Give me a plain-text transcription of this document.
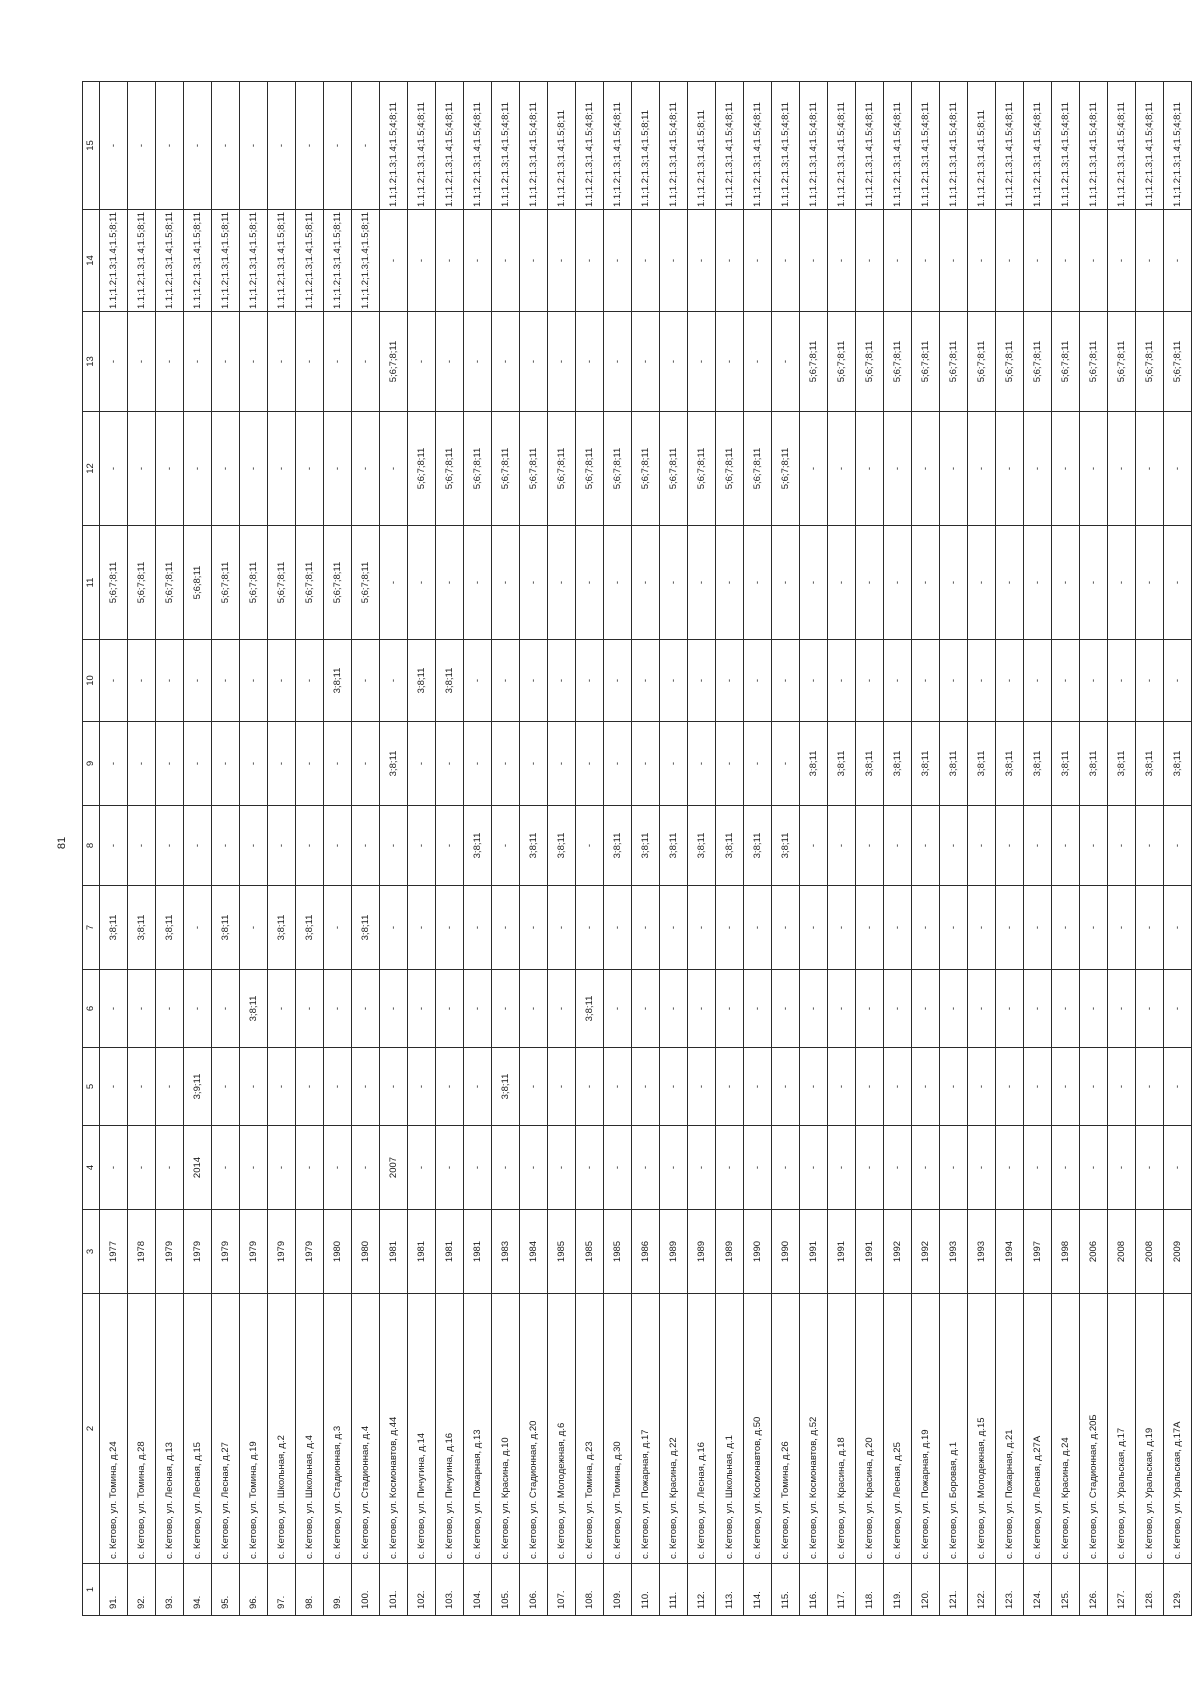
81
1	2	3	4	5	6	7	8	9	10	11	12	13	14	15
91.	с. Кетово, ул. Томина, д.24	1977	-	-	-	3;8;11	-	-	-	5;6;7;8;11	-	-	1.1;1.2;1.3;1.4;1.5;8;11	-
92.	с. Кетово, ул. Томина, д.28	1978	-	-	-	3;8;11	-	-	-	5;6;7;8;11	-	-	1.1;1.2;1.3;1.4;1.5;8;11	-
93.	с. Кетово, ул. Лесная, д.13	1979	-	-	-	3;8;11	-	-	-	5;6;7;8;11	-	-	1.1;1.2;1.3;1.4;1.5;8;11	-
94.	с. Кетово, ул. Лесная, д.15	1979	2014	3;9;11	-	-	-	-	-	5;6;8;11	-	-	1.1;1.2;1.3;1.4;1.5;8;11	-
95.	с. Кетово, ул. Лесная, д.27	1979	-	-	-	3;8;11	-	-	-	5;6;7;8;11	-	-	1.1;1.2;1.3;1.4;1.5;8;11	-
96.	с. Кетово, ул. Томина, д.19	1979	-	-	3;8;11	-	-	-	-	5;6;7;8;11	-	-	1.1;1.2;1.3;1.4;1.5;8;11	-
97.	с. Кетово, ул. Школьная, д.2	1979	-	-	-	3;8;11	-	-	-	5;6;7;8;11	-	-	1.1;1.2;1.3;1.4;1.5;8;11	-
98.	с. Кетово, ул. Школьная, д.4	1979	-	-	-	3;8;11	-	-	-	5;6;7;8;11	-	-	1.1;1.2;1.3;1.4;1.5;8;11	-
99.	с. Кетово, ул. Стадионная, д.3	1980	-	-	-	-	-	-	3;8;11	5;6;7;8;11	-	-	1.1;1.2;1.3;1.4;1.5;8;11	-
100.	с. Кетово, ул. Стадионная, д.4	1980	-	-	-	3;8;11	-	-	-	5;6;7;8;11	-	-	1.1;1.2;1.3;1.4;1.5;8;11	-
101.	с. Кетово, ул. Космонавтов, д.44	1981	2007	-	-	-	-	3;8;11	-	-	-	5;6;7;8;11	-	1.1;1.2;1.3;1.4;1.5;4;8;11
102.	с. Кетово, ул. Пичугина, д.14	1981	-	-	-	-	-	-	3;8;11	-	5;6;7;8;11	-	-	1.1;1.2;1.3;1.4;1.5;4;8;11
103.	с. Кетово, ул. Пичугина, д.16	1981	-	-	-	-	-	-	3;8;11	-	5;6;7;8;11	-	-	1.1;1.2;1.3;1.4;1.5;4;8;11
104.	с. Кетово, ул. Пожарная, д.13	1981	-	-	-	-	3;8;11	-	-	-	5;6;7;8;11	-	-	1.1;1.2;1.3;1.4;1.5;4;8;11
105.	с. Кетово, ул. Красина, д.10	1983	-	3;8;11	-	-	-	-	-	-	5;6;7;8;11	-	-	1.1;1.2;1.3;1.4;1.5;4;8;11
106.	с. Кетово, ул. Стадионная, д.20	1984	-	-	-	-	3;8;11	-	-	-	5;6;7;8;11	-	-	1.1;1.2;1.3;1.4;1.5;4;8;11
107.	с. Кетово, ул. Молодежная, д.6	1985	-	-	-	-	3;8;11	-	-	-	5;6;7;8;11	-	-	1.1;1.2;1.3;1.4;1.5;8;11
108.	с. Кетово, ул. Томина, д.23	1985	-	-	3;8;11	-	-	-	-	-	5;6;7;8;11	-	-	1.1;1.2;1.3;1.4;1.5;4;8;11
109.	с. Кетово, ул. Томина, д.30	1985	-	-	-	-	3;8;11	-	-	-	5;6;7;8;11	-	-	1.1;1.2;1.3;1.4;1.5;4;8;11
110.	с. Кетово, ул. Пожарная, д.17	1986	-	-	-	-	3;8;11	-	-	-	5;6;7;8;11	-	-	1.1;1.2;1.3;1.4;1.5;8;11
111.	с. Кетово, ул. Красина, д.22	1989	-	-	-	-	3;8;11	-	-	-	5;6;7;8;11	-	-	1.1;1.2;1.3;1.4;1.5;4;8;11
112.	с. Кетово, ул. Лесная, д.16	1989	-	-	-	-	3;8;11	-	-	-	5;6;7;8;11	-	-	1.1;1.2;1.3;1.4;1.5;8;11
113.	с. Кетово, ул. Школьная, д.1	1989	-	-	-	-	3;8;11	-	-	-	5;6;7;8;11	-	-	1.1;1.2;1.3;1.4;1.5;4;8;11
114.	с. Кетово, ул. Космонавтов, д.50	1990	-	-	-	-	3;8;11	-	-	-	5;6;7;8;11	-	-	1.1;1.2;1.3;1.4;1.5;4;8;11
115.	с. Кетово, ул. Томина, д.26	1990	-	-	-	-	3;8;11	-	-	-	5;6;7;8;11	-	-	1.1;1.2;1.3;1.4;1.5;4;8;11
116.	с. Кетово, ул. Космонавтов, д.52	1991	-	-	-	-	-	3;8;11	-	-	-	5;6;7;8;11	-	1.1;1.2;1.3;1.4;1.5;4;8;11
117.	с. Кетово, ул. Красина, д.18	1991	-	-	-	-	-	3;8;11	-	-	-	5;6;7;8;11	-	1.1;1.2;1.3;1.4;1.5;4;8;11
118.	с. Кетово, ул. Красина, д.20	1991	-	-	-	-	-	3;8;11	-	-	-	5;6;7;8;11	-	1.1;1.2;1.3;1.4;1.5;4;8;11
119.	с. Кетово, ул. Лесная, д.25	1992	-	-	-	-	-	3;8;11	-	-	-	5;6;7;8;11	-	1.1;1.2;1.3;1.4;1.5;4;8;11
120.	с. Кетово, ул. Пожарная, д.19	1992	-	-	-	-	-	3;8;11	-	-	-	5;6;7;8;11	-	1.1;1.2;1.3;1.4;1.5;4;8;11
121.	с. Кетово, ул. Боровая, д.1	1993	-	-	-	-	-	3;8;11	-	-	-	5;6;7;8;11	-	1.1;1.2;1.3;1.4;1.5;4;8;11
122.	с. Кетово, ул. Молодежная, д.15	1993	-	-	-	-	-	3;8;11	-	-	-	5;6;7;8;11	-	1.1;1.2;1.3;1.4;1.5;8;11
123.	с. Кетово, ул. Пожарная, д.21	1994	-	-	-	-	-	3;8;11	-	-	-	5;6;7;8;11	-	1.1;1.2;1.3;1.4;1.5;4;8;11
124.	с. Кетово, ул. Лесная, д.27А	1997	-	-	-	-	-	3;8;11	-	-	-	5;6;7;8;11	-	1.1;1.2;1.3;1.4;1.5;4;8;11
125.	с. Кетово, ул. Красина, д.24	1998	-	-	-	-	-	3;8;11	-	-	-	5;6;7;8;11	-	1.1;1.2;1.3;1.4;1.5;4;8;11
126.	с. Кетово, ул. Стадионная, д.20Б	2006	-	-	-	-	-	3;8;11	-	-	-	5;6;7;8;11	-	1.1;1.2;1.3;1.4;1.5;4;8;11
127.	с. Кетово, ул. Уральская, д.17	2008	-	-	-	-	-	3;8;11	-	-	-	5;6;7;8;11	-	1.1;1.2;1.3;1.4;1.5;4;8;11
128.	с. Кетово, ул. Уральская, д.19	2008	-	-	-	-	-	3;8;11	-	-	-	5;6;7;8;11	-	1.1;1.2;1.3;1.4;1.5;4;8;11
129.	с. Кетово, ул. Уральская, д.17А	2009	-	-	-	-	-	3;8;11	-	-	-	5;6;7;8;11	-	1.1;1.2;1.3;1.4;1.5;4;8;11
